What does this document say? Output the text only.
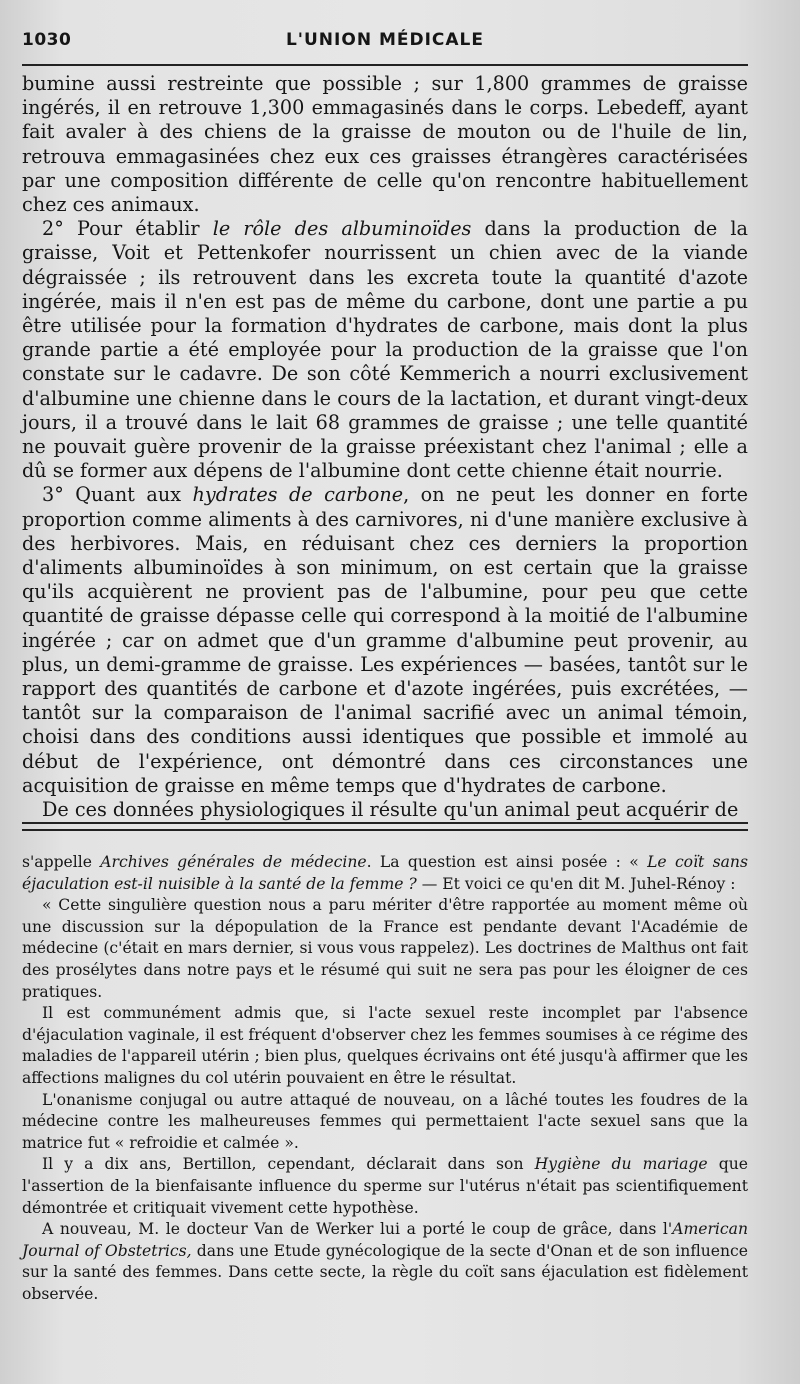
1030	L'UNION MÉDICALE

bumine aussi restreinte que possible ; sur 1,800 grammes de graisse ingérés, il en retrouve 1,300 emmagasinés dans le corps. Lebedeff, ayant fait avaler à des chiens de la graisse de mouton ou de l'huile de lin, retrouva emmagasinées chez eux ces graisses étrangères caractérisées par une composition différente de celle qu'on rencontre habituellement chez ces animaux.

2° Pour établir le rôle des albuminoïdes dans la production de la graisse, Voit et Pettenkofer nourrissent un chien avec de la viande dégraissée ; ils retrouvent dans les excreta toute la quantité d'azote ingérée, mais il n'en est pas de même du carbone, dont une partie a pu être utilisée pour la formation d'hydrates de carbone, mais dont la plus grande partie a été employée pour la production de la graisse que l'on constate sur le cadavre. De son côté Kemmerich a nourri exclusivement d'albumine une chienne dans le cours de la lactation, et durant vingt-deux jours, il a trouvé dans le lait 68 grammes de graisse ; une telle quantité ne pouvait guère provenir de la graisse préexistant chez l'animal ; elle a dû se former aux dépens de l'albumine dont cette chienne était nourrie.

3° Quant aux hydrates de carbone, on ne peut les donner en forte proportion comme aliments à des carnivores, ni d'une manière exclusive à des herbivores. Mais, en réduisant chez ces derniers la proportion d'aliments albuminoïdes à son minimum, on est certain que la graisse qu'ils acquièrent ne provient pas de l'albumine, pour peu que cette quantité de graisse dépasse celle qui correspond à la moitié de l'albumine ingérée ; car on admet que d'un gramme d'albumine peut provenir, au plus, un demi-gramme de graisse. Les expériences — basées, tantôt sur le rapport des quantités de carbone et d'azote ingérées, puis excrétées, — tantôt sur la comparaison de l'animal sacrifié avec un animal témoin, choisi dans des conditions aussi identiques que possible et immolé au début de l'expérience, ont démontré dans ces circonstances une acquisition de graisse en même temps que d'hydrates de carbone.

De ces données physiologiques il résulte qu'un animal peut acquérir de

s'appelle Archives générales de médecine. La question est ainsi posée : « Le coït sans éjaculation est-il nuisible à la santé de la femme ? — Et voici ce qu'en dit M. Juhel-Rénoy :

« Cette singulière question nous a paru mériter d'être rapportée au moment même où une discussion sur la dépopulation de la France est pendante devant l'Académie de médecine (c'était en mars dernier, si vous vous rappelez). Les doctrines de Malthus ont fait des prosélytes dans notre pays et le résumé qui suit ne sera pas pour les éloigner de ces pratiques.

Il est communément admis que, si l'acte sexuel reste incomplet par l'absence d'éjaculation vaginale, il est fréquent d'observer chez les femmes soumises à ce régime des maladies de l'appareil utérin ; bien plus, quelques écrivains ont été jusqu'à affirmer que les affections malignes du col utérin pouvaient en être le résultat.

L'onanisme conjugal ou autre attaqué de nouveau, on a lâché toutes les foudres de la médecine contre les malheureuses femmes qui permettaient l'acte sexuel sans que la matrice fut « refroidie et calmée ».

Il y a dix ans, Bertillon, cependant, déclarait dans son Hygiène du mariage que l'assertion de la bienfaisante influence du sperme sur l'utérus n'était pas scientifiquement démontrée et critiquait vivement cette hypothèse.

A nouveau, M. le docteur Van de Werker lui a porté le coup de grâce, dans l'American Journal of Obstetrics, dans une Etude gynécologique de la secte d'Onan et de son influence sur la santé des femmes. Dans cette secte, la règle du coït sans éjaculation est fidèlement observée.
